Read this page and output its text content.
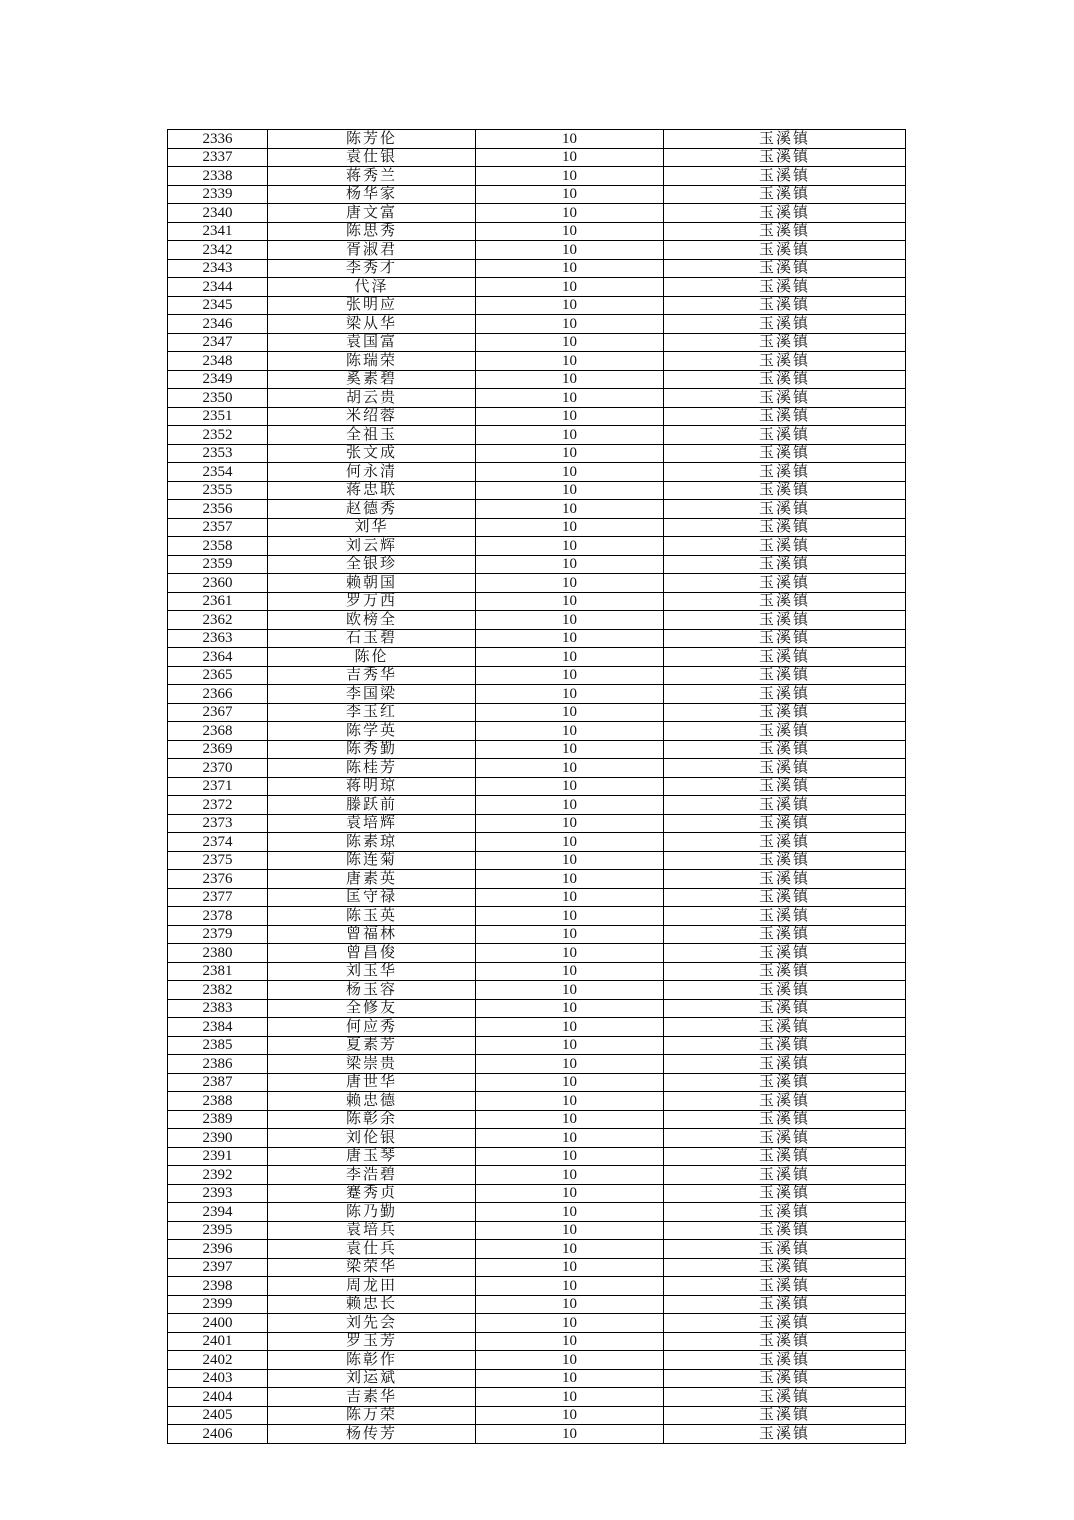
2336	陈芳伦	10	玉溪镇
2337	袁仕银	10	玉溪镇
2338	蒋秀兰	10	玉溪镇
2339	杨华家	10	玉溪镇
2340	唐文富	10	玉溪镇
2341	陈思秀	10	玉溪镇
2342	胥淑君	10	玉溪镇
2343	李秀才	10	玉溪镇
2344	代泽	10	玉溪镇
2345	张明应	10	玉溪镇
2346	梁从华	10	玉溪镇
2347	袁国富	10	玉溪镇
2348	陈瑞荣	10	玉溪镇
2349	奚素碧	10	玉溪镇
2350	胡云贵	10	玉溪镇
2351	米绍蓉	10	玉溪镇
2352	全祖玉	10	玉溪镇
2353	张文成	10	玉溪镇
2354	何永清	10	玉溪镇
2355	蒋忠联	10	玉溪镇
2356	赵德秀	10	玉溪镇
2357	刘华	10	玉溪镇
2358	刘云辉	10	玉溪镇
2359	全银珍	10	玉溪镇
2360	赖朝国	10	玉溪镇
2361	罗万西	10	玉溪镇
2362	欧榜全	10	玉溪镇
2363	石玉碧	10	玉溪镇
2364	陈伦	10	玉溪镇
2365	吉秀华	10	玉溪镇
2366	李国梁	10	玉溪镇
2367	李玉红	10	玉溪镇
2368	陈学英	10	玉溪镇
2369	陈秀勤	10	玉溪镇
2370	陈桂芳	10	玉溪镇
2371	蒋明琼	10	玉溪镇
2372	滕跃前	10	玉溪镇
2373	袁培辉	10	玉溪镇
2374	陈素琼	10	玉溪镇
2375	陈连菊	10	玉溪镇
2376	唐素英	10	玉溪镇
2377	匡守禄	10	玉溪镇
2378	陈玉英	10	玉溪镇
2379	曾福林	10	玉溪镇
2380	曾昌俊	10	玉溪镇
2381	刘玉华	10	玉溪镇
2382	杨玉容	10	玉溪镇
2383	全修友	10	玉溪镇
2384	何应秀	10	玉溪镇
2385	夏素芳	10	玉溪镇
2386	梁崇贵	10	玉溪镇
2387	唐世华	10	玉溪镇
2388	赖忠德	10	玉溪镇
2389	陈彰余	10	玉溪镇
2390	刘伦银	10	玉溪镇
2391	唐玉琴	10	玉溪镇
2392	李浩碧	10	玉溪镇
2393	蹇秀贞	10	玉溪镇
2394	陈乃勤	10	玉溪镇
2395	袁培兵	10	玉溪镇
2396	袁仕兵	10	玉溪镇
2397	梁荣华	10	玉溪镇
2398	周龙田	10	玉溪镇
2399	赖忠长	10	玉溪镇
2400	刘先会	10	玉溪镇
2401	罗玉芳	10	玉溪镇
2402	陈彰作	10	玉溪镇
2403	刘运斌	10	玉溪镇
2404	吉素华	10	玉溪镇
2405	陈万荣	10	玉溪镇
2406	杨传芳	10	玉溪镇
